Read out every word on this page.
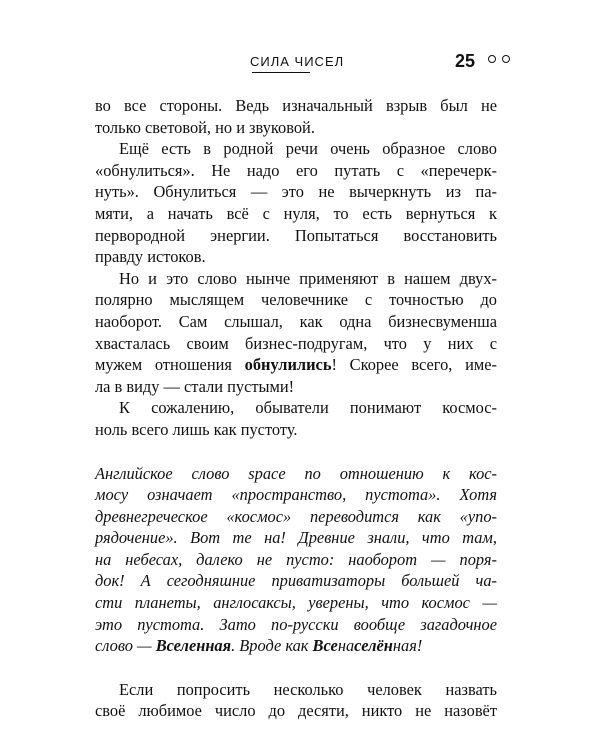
СИЛА ЧИСЕЛ	25

во все стороны. Ведь изначальный взрыв был не
только световой, но и звуковой.

Ещё есть в родной речи очень образное слово
«обнулиться». Не надо его путать с «перечерк-
нуть». Обнулиться — это не вычеркнуть из па-
мяти, а начать всё с нуля, то есть вернуться к
первородной энергии. Попытаться восстановить
правду истоков.

Но и это слово нынче применяют в нашем двух-
полярно мыслящем человечнике с точностью до
наоборот. Сам слышал, как одна бизнесвуменша
хвасталась своим бизнес-подругам, что у них с
мужем отношения обнулились! Скорее всего, име-
ла в виду — стали пустыми!

К сожалению, обыватели понимают космос-
ноль всего лишь как пустоту.

Английское слово space по отношению к кос-
мосу означает «пространство, пустота». Хотя
древнегреческое «космос» переводится как «упо-
рядочение». Вот те на! Древние знали, что там,
на небесах, далеко не пусто: наоборот — поря-
док! А сегодняшние приватизаторы большей ча-
сти планеты, англосаксы, уверены, что космос —
это пустота. Зато по-русски вообще загадочное
слово — Вселенная. Вроде как Всенаселённая!

Если попросить несколько человек назвать
своё любимое число до десяти, никто не назовёт
